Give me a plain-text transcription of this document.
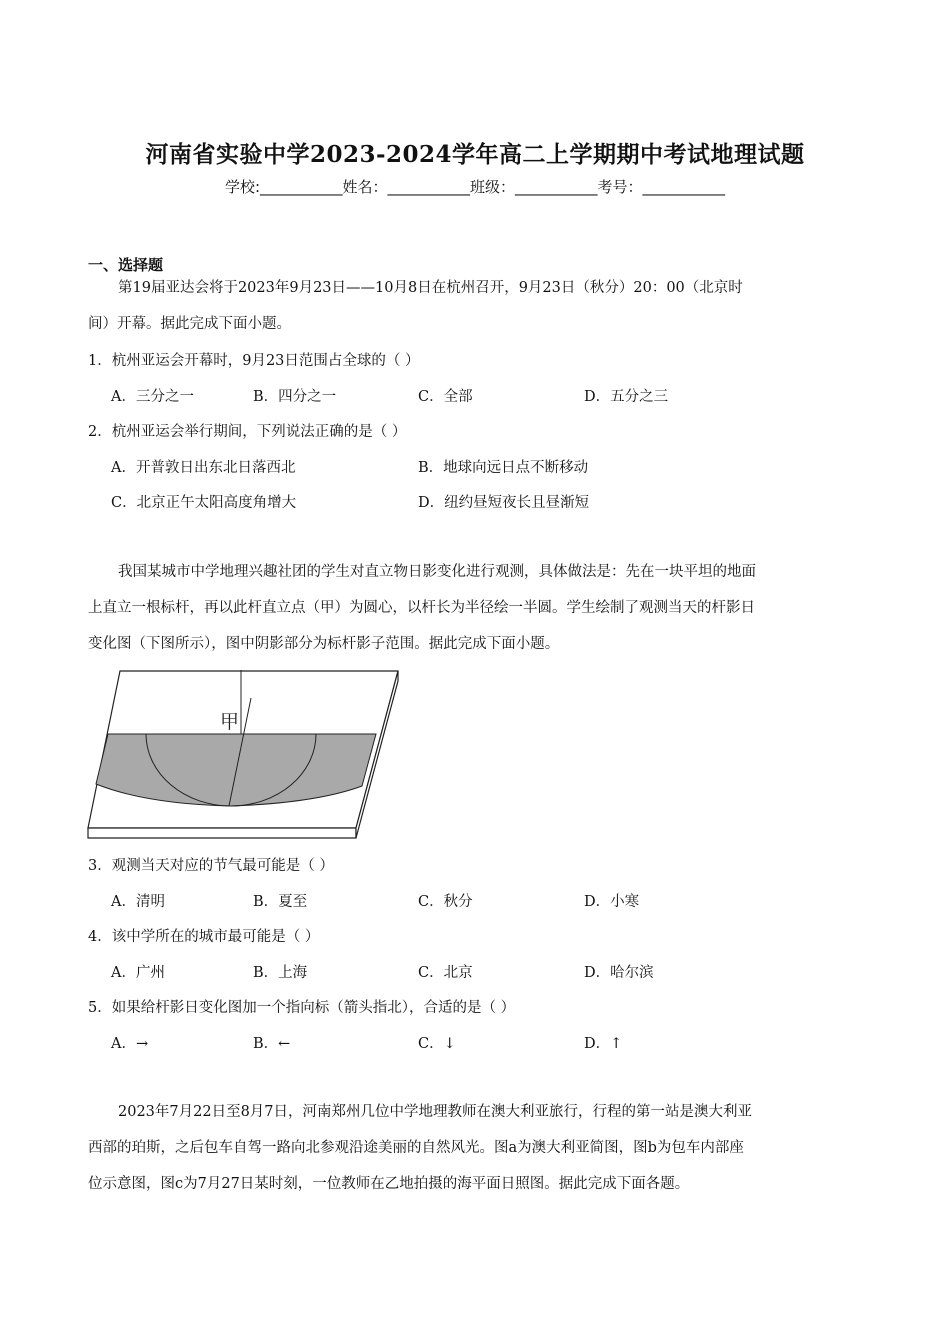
河南省实验中学2023-2024学年高二上学期期中考试地理试题
学校:___________姓名：___________班级：___________考号：___________
一、选择题
第19届亚达会将于2023年9月23日——10月8日在杭州召开，9月23日（秋分）20：00（北京时
间）开幕。据此完成下面小题。
1．杭州亚运会开幕时，9月23日范围占全球的（ ）
A．三分之一	B．四分之一	C．全部	D．五分之三
2．杭州亚运会举行期间，下列说法正确的是（ ）
A．开普敦日出东北日落西北	B．地球向远日点不断移动
C．北京正午太阳高度角增大	D．纽约昼短夜长且昼渐短
我国某城市中学地理兴趣社团的学生对直立物日影变化进行观测，具体做法是：先在一块平坦的地面
上直立一根标杆，再以此杆直立点（甲）为圆心，以杆长为半径绘一半圆。学生绘制了观测当天的杆影日
变化图（下图所示），图中阴影部分为标杆影子范围。据此完成下面小题。
甲
3．观测当天对应的节气最可能是（ ）
A．清明	B．夏至	C．秋分	D．小寒
4．该中学所在的城市最可能是（ ）
A．广州	B．上海	C．北京	D．哈尔滨
5．如果给杆影日变化图加一个指向标（箭头指北），合适的是（ ）
A．→	B．←	C．↓	D．↑
2023年7月22日至8月7日，河南郑州几位中学地理教师在澳大利亚旅行，行程的第一站是澳大利亚
西部的珀斯，之后包车自驾一路向北参观沿途美丽的自然风光。图a为澳大利亚简图，图b为包车内部座
位示意图，图c为7月27日某时刻，一位教师在乙地拍摄的海平面日照图。据此完成下面各题。
